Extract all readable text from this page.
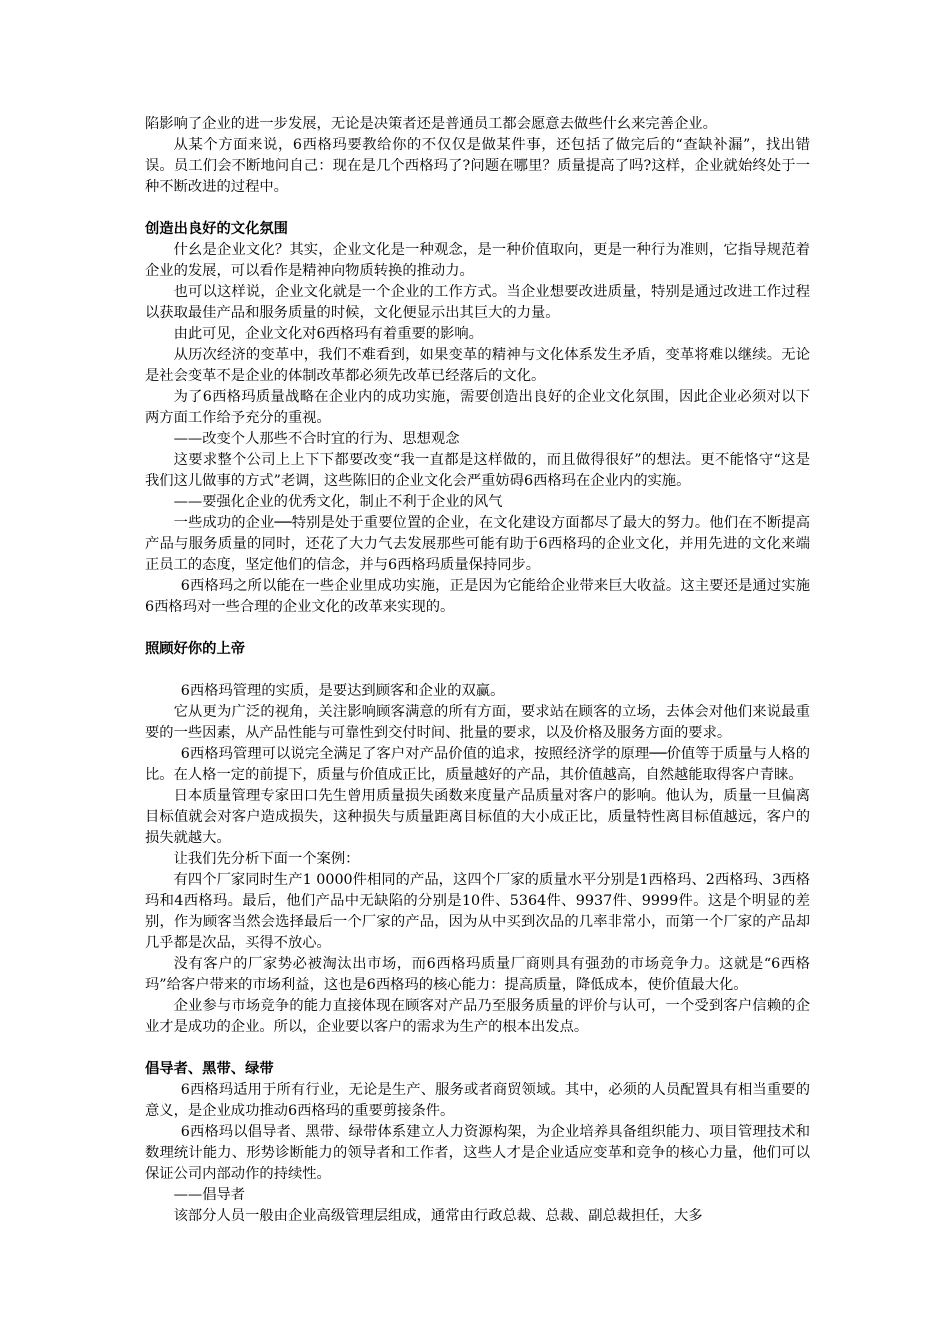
陷影响了企业的进一步发展，无论是决策者还是普通员工都会愿意去做些什幺来完善企业。

从某个方面来说，6西格玛要教给你的不仅仅是做某件事，还包括了做完后的“查缺补漏”，找出错误。员工们会不断地问自己：现在是几个西格玛了?问题在哪里？质量提高了吗?这样，企业就始终处于一种不断改进的过程中。

创造出良好的文化氛围

什幺是企业文化？其实，企业文化是一种观念，是一种价值取向，更是一种行为准则，它指导规范着企业的发展，可以看作是精神向物质转换的推动力。

也可以这样说，企业文化就是一个企业的工作方式。当企业想要改进质量，特别是通过改进工作过程以获取最佳产品和服务质量的时候，文化便显示出其巨大的力量。

由此可见，企业文化对6西格玛有着重要的影响。

从历次经济的变革中，我们不难看到，如果变革的精神与文化体系发生矛盾，变革将难以继续。无论是社会变革不是企业的体制改革都必须先改革已经落后的文化。

为了6西格玛质量战略在企业内的成功实施，需要创造出良好的企业文化氛围，因此企业必须对以下两方面工作给予充分的重视。

——改变个人那些不合时宜的行为、思想观念

这要求整个公司上上下下都要改变“我一直都是这样做的，而且做得很好”的想法。更不能恪守“这是我们这儿做事的方式”老调，这些陈旧的企业文化会严重妨碍6西格玛在企业内的实施。

——要强化企业的优秀文化，制止不利于企业的风气

一些成功的企业──特别是处于重要位置的企业，在文化建设方面都尽了最大的努力。他们在不断提高产品与服务质量的同时，还花了大力气去发展那些可能有助于6西格玛的企业文化，并用先进的文化来端正员工的态度，坚定他们的信念，并与6西格玛质量保持同步。

6西格玛之所以能在一些企业里成功实施，正是因为它能给企业带来巨大收益。这主要还是通过实施6西格玛对一些合理的企业文化的改革来实现的。

照顾好你的上帝

6西格玛管理的实质，是要达到顾客和企业的双赢。

它从更为广泛的视角，关注影响顾客满意的所有方面，要求站在顾客的立场，去体会对他们来说最重要的一些因素，从产品性能与可靠性到交付时间、批量的要求，以及价格及服务方面的要求。

6西格玛管理可以说完全满足了客户对产品价值的追求，按照经济学的原理──价值等于质量与人格的比。在人格一定的前提下，质量与价值成正比，质量越好的产品，其价值越高，自然越能取得客户青睐。

日本质量管理专家田口先生曾用质量损失函数来度量产品质量对客户的影响。他认为，质量一旦偏离目标值就会对客户造成损失，这种损失与质量距离目标值的大小成正比，质量特性离目标值越远，客户的损失就越大。

让我们先分析下面一个案例：

有四个厂家同时生产1 0000件相同的产品，这四个厂家的质量水平分别是1西格玛、2西格玛、3西格玛和4西格玛。最后，他们产品中无缺陷的分别是10件、5364件、9937件、9999件。这是个明显的差别，作为顾客当然会选择最后一个厂家的产品，因为从中买到次品的几率非常小，而第一个厂家的产品却几乎都是次品，买得不放心。

没有客户的厂家势必被淘汰出市场，而6西格玛质量厂商则具有强劲的市场竞争力。这就是“6西格玛”给客户带来的市场利益，这也是6西格玛的核心能力：提高质量，降低成本，使价值最大化。

企业参与市场竞争的能力直接体现在顾客对产品乃至服务质量的评价与认可，一个受到客户信赖的企业才是成功的企业。所以，企业要以客户的需求为生产的根本出发点。

倡导者、黑带、绿带

6西格玛适用于所有行业，无论是生产、服务或者商贸领域。其中，必须的人员配置具有相当重要的意义，是企业成功推动6西格玛的重要剪接条件。

6西格玛以倡导者、黑带、绿带体系建立人力资源构架，为企业培养具备组织能力、项目管理技术和数理统计能力、形势诊断能力的领导者和工作者，这些人才是企业适应变革和竞争的核心力量，他们可以保证公司内部动作的持续性。

——倡导者

该部分人员一般由企业高级管理层组成，通常由行政总裁、总裁、副总裁担任，大多
